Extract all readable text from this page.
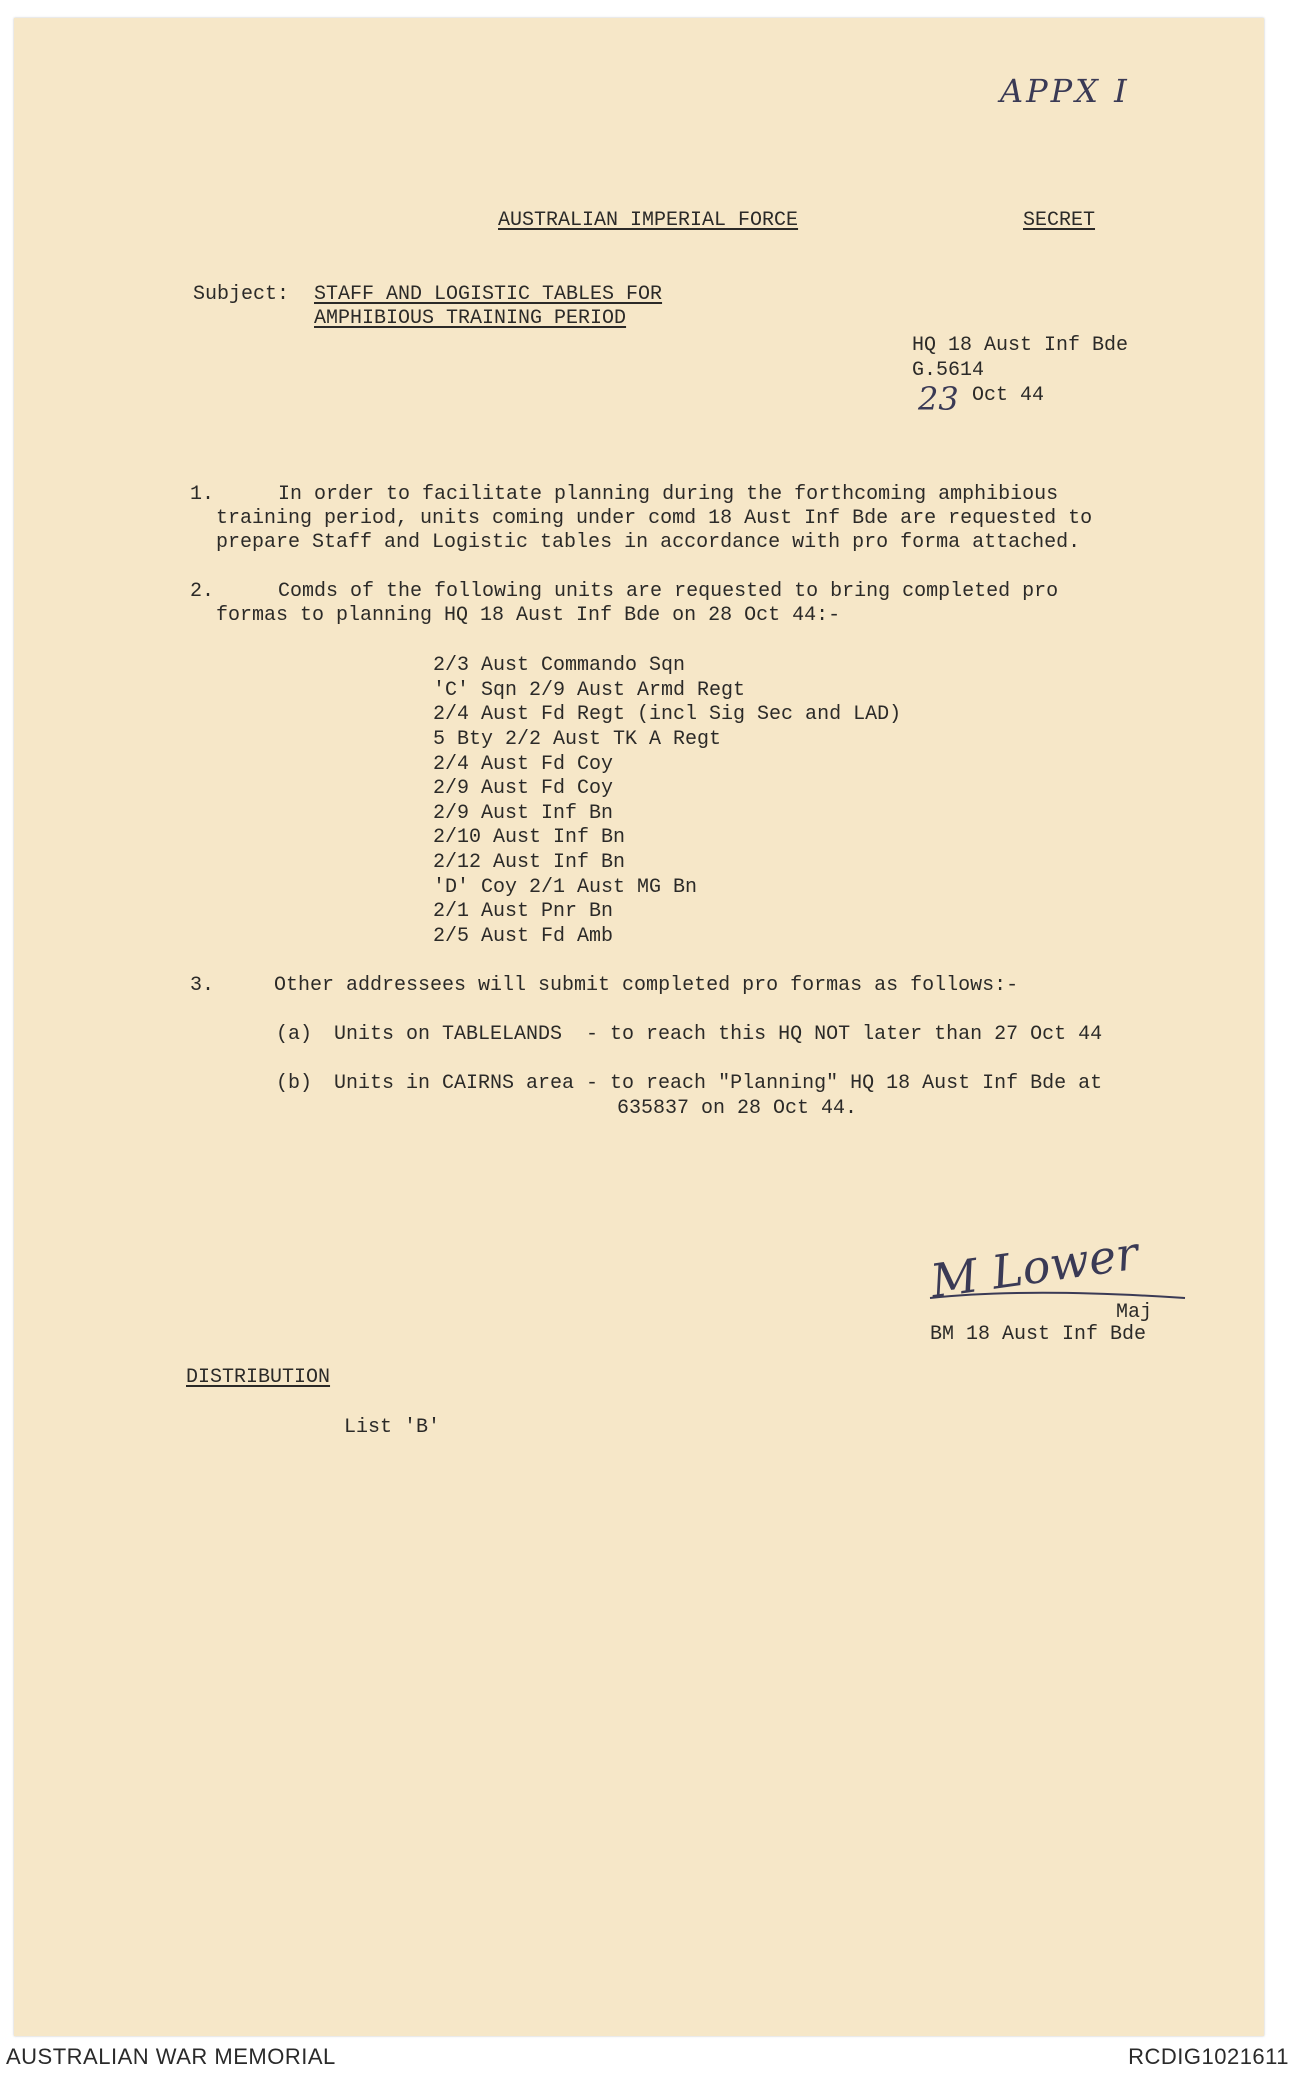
APPX I
AUSTRALIAN IMPERIAL FORCE	SECRET
Subject: STAFF AND LOGISTIC TABLES FOR
AMPHIBIOUS TRAINING PERIOD
HQ 18 Aust Inf Bde
G.5614
23 Oct 44
1.	In order to facilitate planning during the forthcoming amphibious
training period, units coming under comd 18 Aust Inf Bde are requested to
prepare Staff and Logistic tables in accordance with pro forma attached.
2.	Comds of the following units are requested to bring completed pro
formas to planning HQ 18 Aust Inf Bde on 28 Oct 44:-
2/3 Aust Commando Sqn
'C' Sqn 2/9 Aust Armd Regt
2/4 Aust Fd Regt (incl Sig Sec and LAD)
5 Bty 2/2 Aust TK A Regt
2/4 Aust Fd Coy
2/9 Aust Fd Coy
2/9 Aust Inf Bn
2/10 Aust Inf Bn
2/12 Aust Inf Bn
'D' Coy 2/1 Aust MG Bn
2/1 Aust Pnr Bn
2/5 Aust Fd Amb
3.	Other addressees will submit completed pro formas as follows:-
(a) Units on TABLELANDS  - to reach this HQ NOT later than 27 Oct 44
(b) Units in CAIRNS area - to reach "Planning" HQ 18 Aust Inf Bde at
635837 on 28 Oct 44.
M Lower
Maj
BM 18 Aust Inf Bde
DISTRIBUTION
List 'B'
AUSTRALIAN WAR MEMORIAL	RCDIG1021611
